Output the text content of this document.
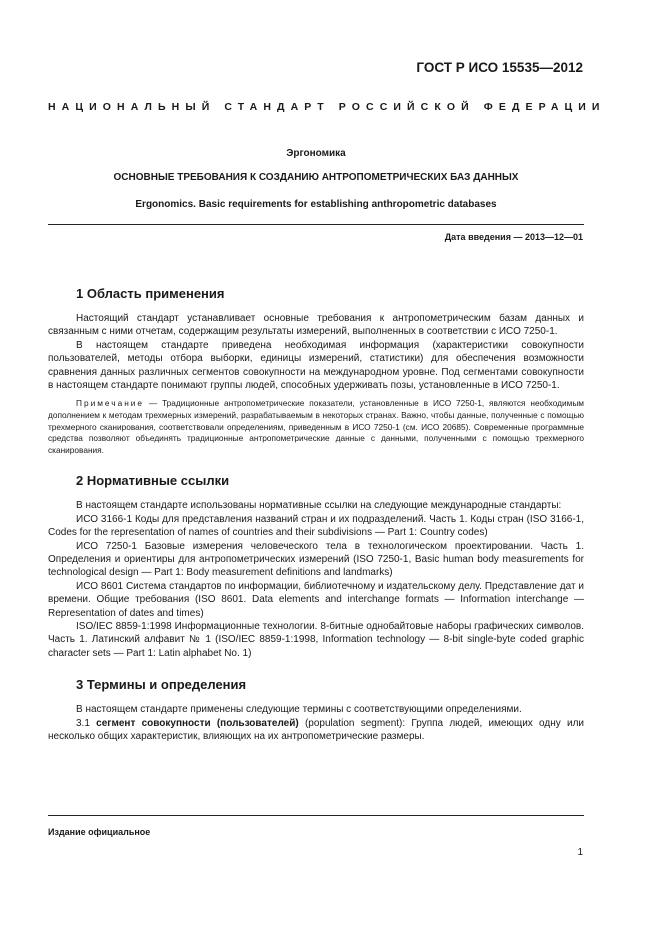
ГОСТ Р ИСО 15535—2012
НАЦИОНАЛЬНЫЙ СТАНДАРТ РОССИЙСКОЙ ФЕДЕРАЦИИ
Эргономика
ОСНОВНЫЕ ТРЕБОВАНИЯ К СОЗДАНИЮ АНТРОПОМЕТРИЧЕСКИХ БАЗ ДАННЫХ
Ergonomics. Basic requirements for establishing anthropometric databases
Дата введения — 2013—12—01
1 Область применения

Настоящий стандарт устанавливает основные требования к антропометрическим базам данных и связанным с ними отчетам, содержащим результаты измерений, выполненных в соответствии с ИСО 7250-1.

В настоящем стандарте приведена необходимая информация (характеристики совокупности пользователей, методы отбора выборки, единицы измерений, статистики) для обеспечения возможности сравнения данных различных сегментов совокупности на международном уровне. Под сегментами совокупности в настоящем стандарте понимают группы людей, способных удерживать позы, установленные в ИСО 7250-1.

Примечание — Традиционные антропометрические показатели, установленные в ИСО 7250-1, являются необходимым дополнением к методам трехмерных измерений, разрабатываемым в некоторых странах. Важно, чтобы данные, полученные с помощью трехмерного сканирования, соответствовали определениям, приведенным в ИСО 7250-1 (см. ИСО 20685). Современные программные средства позволяют объединять традиционные антропометрические данные с данными, полученными с помощью трехмерного сканирования.

2 Нормативные ссылки

В настоящем стандарте использованы нормативные ссылки на следующие международные стандарты:

ИСО 3166-1 Коды для представления названий стран и их подразделений. Часть 1. Коды стран (ISO 3166-1, Codes for the representation of names of countries and their subdivisions — Part 1: Country codes)

ИСО 7250-1 Базовые измерения человеческого тела в технологическом проектировании. Часть 1. Определения и ориентиры для антропометрических измерений (ISO 7250-1, Basic human body measurements for technological design — Part 1: Body measurement definitions and landmarks)

ИСО 8601 Система стандартов по информации, библиотечному и издательскому делу. Представление дат и времени. Общие требования (ISO 8601. Data elements and interchange formats — Information interchange — Representation of dates and times)

ISO/IEC 8859-1:1998 Информационные технологии. 8-битные однобайтовые наборы графических символов. Часть 1. Латинский алфавит № 1 (ISO/IEC 8859-1:1998, Information technology — 8-bit single-byte coded graphic character sets — Part 1: Latin alphabet No. 1)

3 Термины и определения

В настоящем стандарте применены следующие термины с соответствующими определениями.

3.1 сегмент совокупности (пользователей) (population segment): Группа людей, имеющих одну или несколько общих характеристик, влияющих на их антропометрические размеры.

Издание официальное
1
